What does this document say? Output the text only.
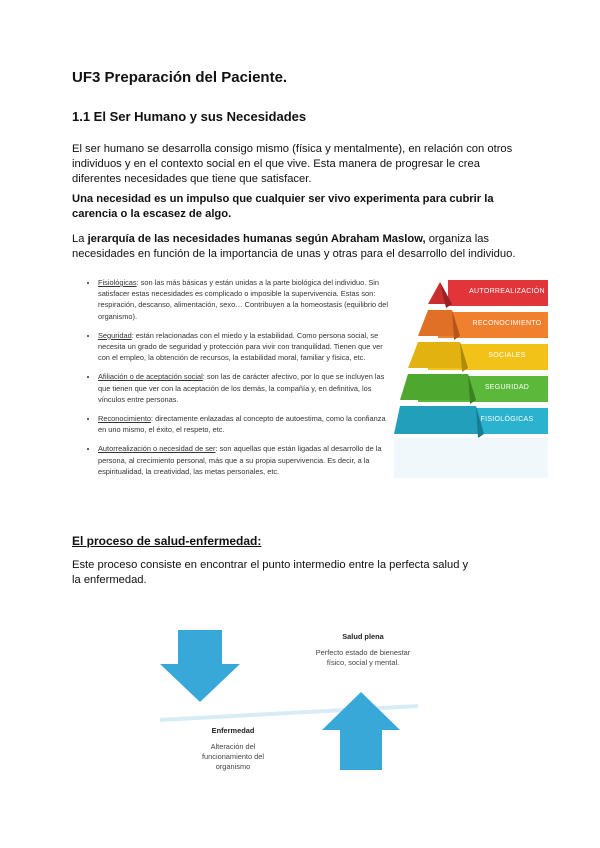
UF3 Preparación del Paciente.
1.1 El Ser Humano y sus Necesidades

El ser humano se desarrolla consigo mismo (física y mentalmente), en relación con otros individuos y en el contexto social en el que vive. Esta manera de progresar le crea diferentes necesidades que tiene que satisfacer.

Una necesidad es un impulso que cualquier ser vivo experimenta para cubrir la carencia o la escasez de algo.

La jerarquía de las necesidades humanas según Abraham Maslow, organiza las necesidades en función de la importancia de unas y otras para el desarrollo del individuo.

• Fisiológicas: son las más básicas y están unidas a la parte biológica del individuo. Sin satisfacer estas necesidades es complicado o imposible la supervivencia. Estas son: respiración, descanso, alimentación, sexo… Contribuyen a la homeostasis (equilibrio del organismo).
• Seguridad: están relacionadas con el miedo y la estabilidad. Como persona social, se necesita un grado de seguridad y protección para vivir con tranquilidad. Tienen que ver con el empleo, la obtención de recursos, la estabilidad moral, familiar y física, etc.
• Afiliación o de aceptación social: son las de carácter afectivo, por lo que se incluyen las que tienen que ver con la aceptación de los demás, la compañía y, en definitiva, los vínculos entre personas.
• Reconocimiento: directamente enlazadas al concepto de autoestima, como la confianza en uno mismo, el éxito, el respeto, etc.
• Autorrealización o necesidad de ser: son aquellas que están ligadas al desarrollo de la persona, al crecimiento personal, más que a su propia supervivencia. Es decir, a la espiritualidad, la creatividad, las metas personales, etc.
AUTORREALIZACIÓN
RECONOCIMIENTO
SOCIALES
SEGURIDAD
FISIOLÓGICAS

El proceso de salud-enfermedad:

Este proceso consiste en encontrar el punto intermedio entre la perfecta salud y la enfermedad.

Salud plena
Perfecto estado de bienestar físico, social y mental.
Enfermedad
Alteración del funcionamiento del organismo
